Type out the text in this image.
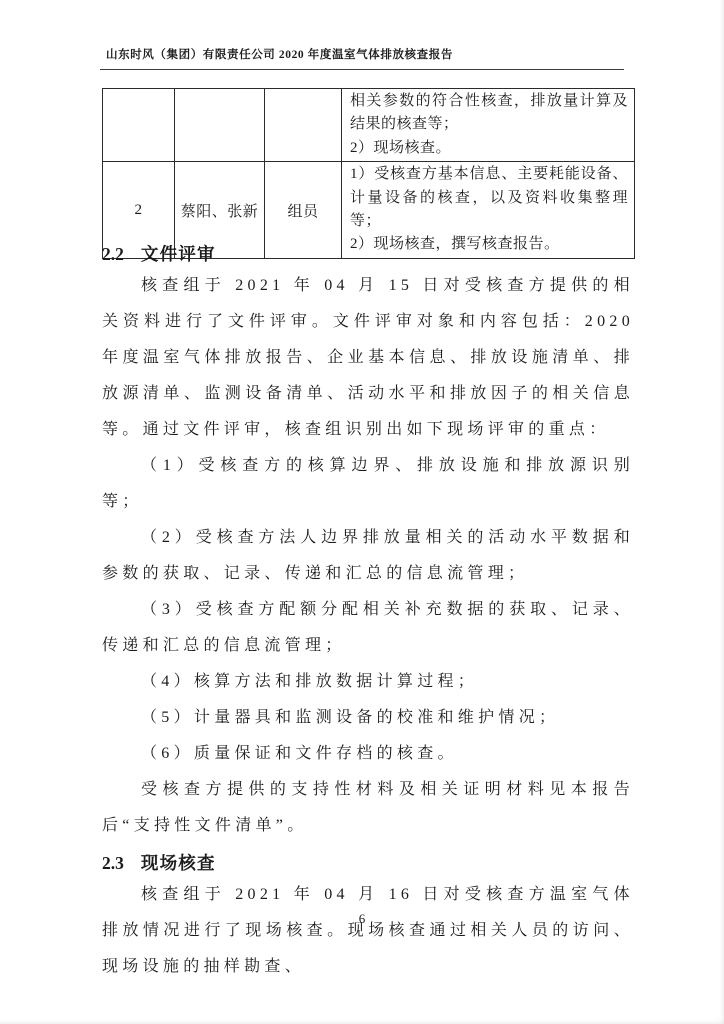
山东时风（集团）有限责任公司 2020 年度温室气体排放核查报告

			相关参数的符合性核查，排放量计算及结果的核查等；
2）现场核查。

2	蔡阳、张新	组员	1）受核查方基本信息、主要耗能设备、计量设备的核查，以及资料收集整理等；
2）现场核查，撰写核查报告。
2.2 文件评审

核查组于 2021 年 04 月 15 日对受核查方提供的相关资料进行了文件评审。文件评审对象和内容包括：2020 年度温室气体排放报告、企业基本信息、排放设施清单、排放源清单、监测设备清单、活动水平和排放因子的相关信息等。通过文件评审，核查组识别出如下现场评审的重点：

（1）受核查方的核算边界、排放设施和排放源识别等；

（2）受核查方法人边界排放量相关的活动水平数据和参数的获取、记录、传递和汇总的信息流管理；

（3）受核查方配额分配相关补充数据的获取、记录、传递和汇总的信息流管理；

（4）核算方法和排放数据计算过程；

（5）计量器具和监测设备的校准和维护情况；

（6）质量保证和文件存档的核查。

受核查方提供的支持性材料及相关证明材料见本报告后“支持性文件清单”。

2.3 现场核查

核查组于 2021 年 04 月 16 日对受核查方温室气体排放情况进行了现场核查。现场核查通过相关人员的访问、现场设施的抽样勘查、

6
